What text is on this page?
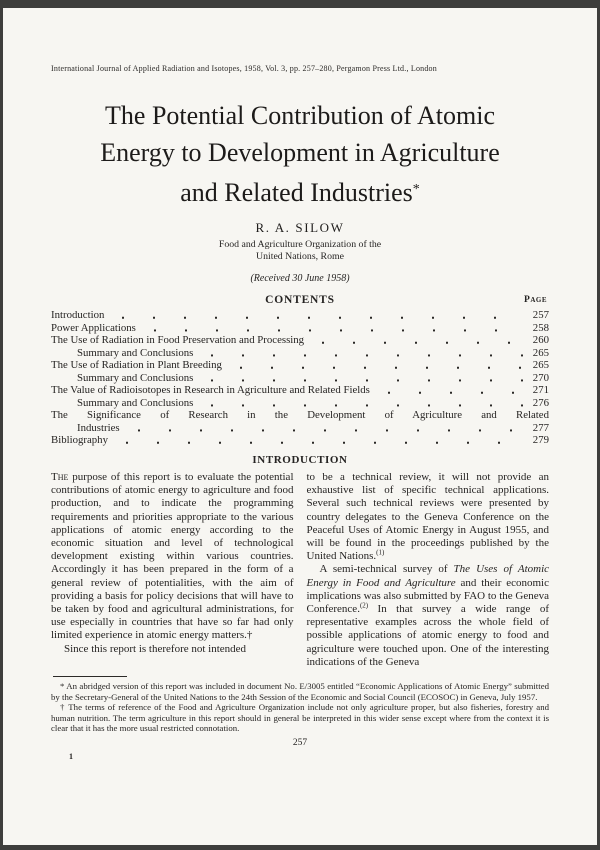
International Journal of Applied Radiation and Isotopes, 1958, Vol. 3, pp. 257–280, Pergamon Press Ltd., London
The Potential Contribution of Atomic
Energy to Development in Agriculture
and Related Industries*
R. A. SILOW
Food and Agriculture Organization of the
United Nations, Rome
(Received 30 June 1958)
CONTENTS	Page
Introduction	257
Power Applications	258
The Use of Radiation in Food Preservation and Processing	260
Summary and Conclusions	265
The Use of Radiation in Plant Breeding	265
Summary and Conclusions	270
The Value of Radioisotopes in Research in Agriculture and Related Fields	271
Summary and Conclusions	276
The Significance of Research in the Development of Agriculture and Related
Industries	277
Bibliography	279
INTRODUCTION

The purpose of this report is to evaluate the potential contributions of atomic energy to agriculture and food production, and to indicate the programming requirements and priorities appropriate to the various applications of atomic energy according to the economic situation and level of technological development existing within various countries. Accordingly it has been prepared in the form of a general review of potentialities, with the aim of providing a basis for policy decisions that will have to be taken by food and agricultural administrations, for use especially in countries that have so far had only limited experience in atomic energy matters.†

Since this report is therefore not intended

to be a technical review, it will not provide an exhaustive list of specific technical applications. Several such technical reviews were presented by country delegates to the Geneva Conference on the Peaceful Uses of Atomic Energy in August 1955, and will be found in the proceedings published by the United Nations.$^{(1)}$

A semi-technical survey of The Uses of Atomic Energy in Food and Agriculture and their economic implications was also submitted by FAO to the Geneva Conference.$^{(2)}$ In that survey a wide range of representative examples across the whole field of possible applications of atomic energy to food and agriculture were touched upon. One of the interesting indications of the Geneva

* An abridged version of this report was included in document No. E/3005 entitled “Economic Applications of Atomic Energy” submitted by the Secretary-General of the United Nations to the 24th Session of the Economic and Social Council (ECOSOC) in Geneva, July 1957.

† The terms of reference of the Food and Agriculture Organization include not only agriculture proper, but also fisheries, forestry and human nutrition. The term agriculture in this report should in general be interpreted in this wider sense except where from the context it is clear that it has the more usual restricted connotation.

257
1
